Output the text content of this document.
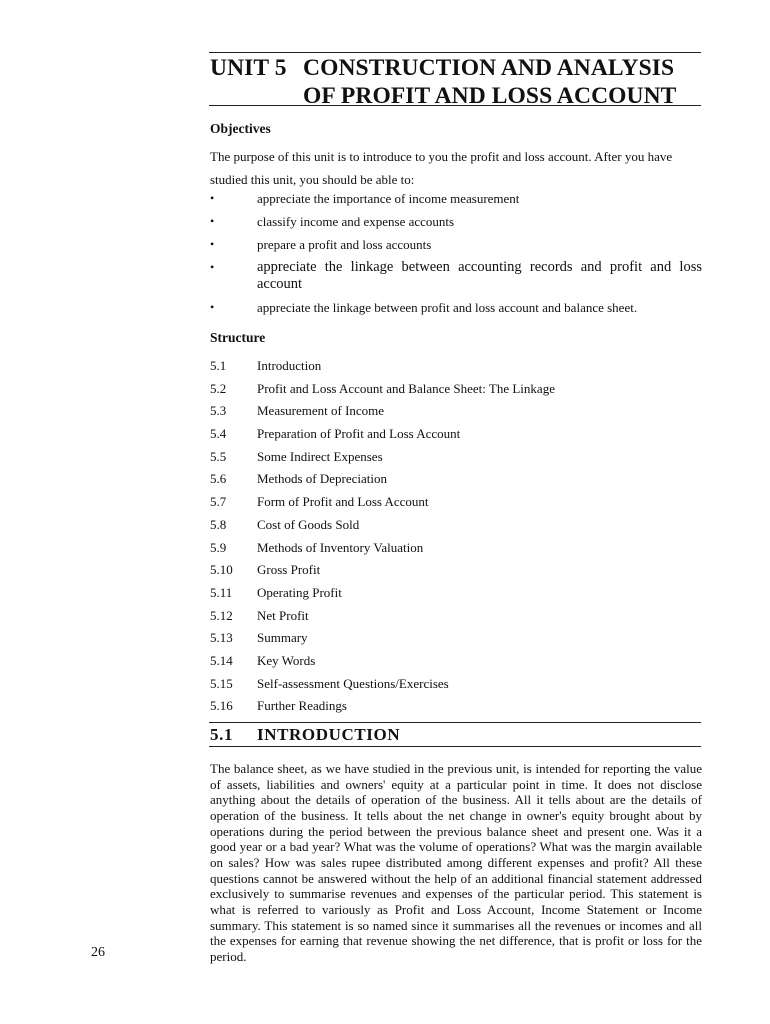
UNIT 5 CONSTRUCTION AND ANALYSIS
OF PROFIT AND LOSS ACCOUNT
Objectives
The purpose of this unit is to introduce to you the profit and loss account. After you have studied this unit, you should be able to:
•	appreciate the importance of income measurement
•	classify income and expense accounts
•	prepare a profit and loss accounts
•	appreciate the linkage between accounting records and profit and loss account
•	appreciate the linkage between profit and loss account and balance sheet.
Structure
5.1	Introduction
5.2	Profit and Loss Account and Balance Sheet: The Linkage
5.3	Measurement of Income
5.4	Preparation of Profit and Loss Account
5.5	Some Indirect Expenses
5.6	Methods of Depreciation
5.7	Form of Profit and Loss Account
5.8	Cost of Goods Sold
5.9	Methods of Inventory Valuation
5.10	Gross Profit
5.11	Operating Profit
5.12	Net Profit
5.13	Summary
5.14	Key Words
5.15	Self-assessment Questions/Exercises
5.16	Further Readings
5.1	INTRODUCTION
The balance sheet, as we have studied in the previous unit, is intended for reporting the value of assets, liabilities and owners' equity at a particular point in time. It does not disclose anything about the details of operation of the business. All it tells about are the details of operation of the business. It tells about the net change in owner's equity brought about by operations during the period between the previous balance sheet and present one. Was it a good year or a bad year? What was the volume of operations? What was the margin available on sales? How was sales rupee distributed among different expenses and profit? All these questions cannot be answered without the help of an additional financial statement addressed exclusively to summarise revenues and expenses of the particular period. This statement is what is referred to variously as Profit and Loss Account, Income Statement or Income summary. This statement is so named since it summarises all the revenues or incomes and all the expenses for earning that revenue showing the net difference, that is profit or loss for the period.
26
